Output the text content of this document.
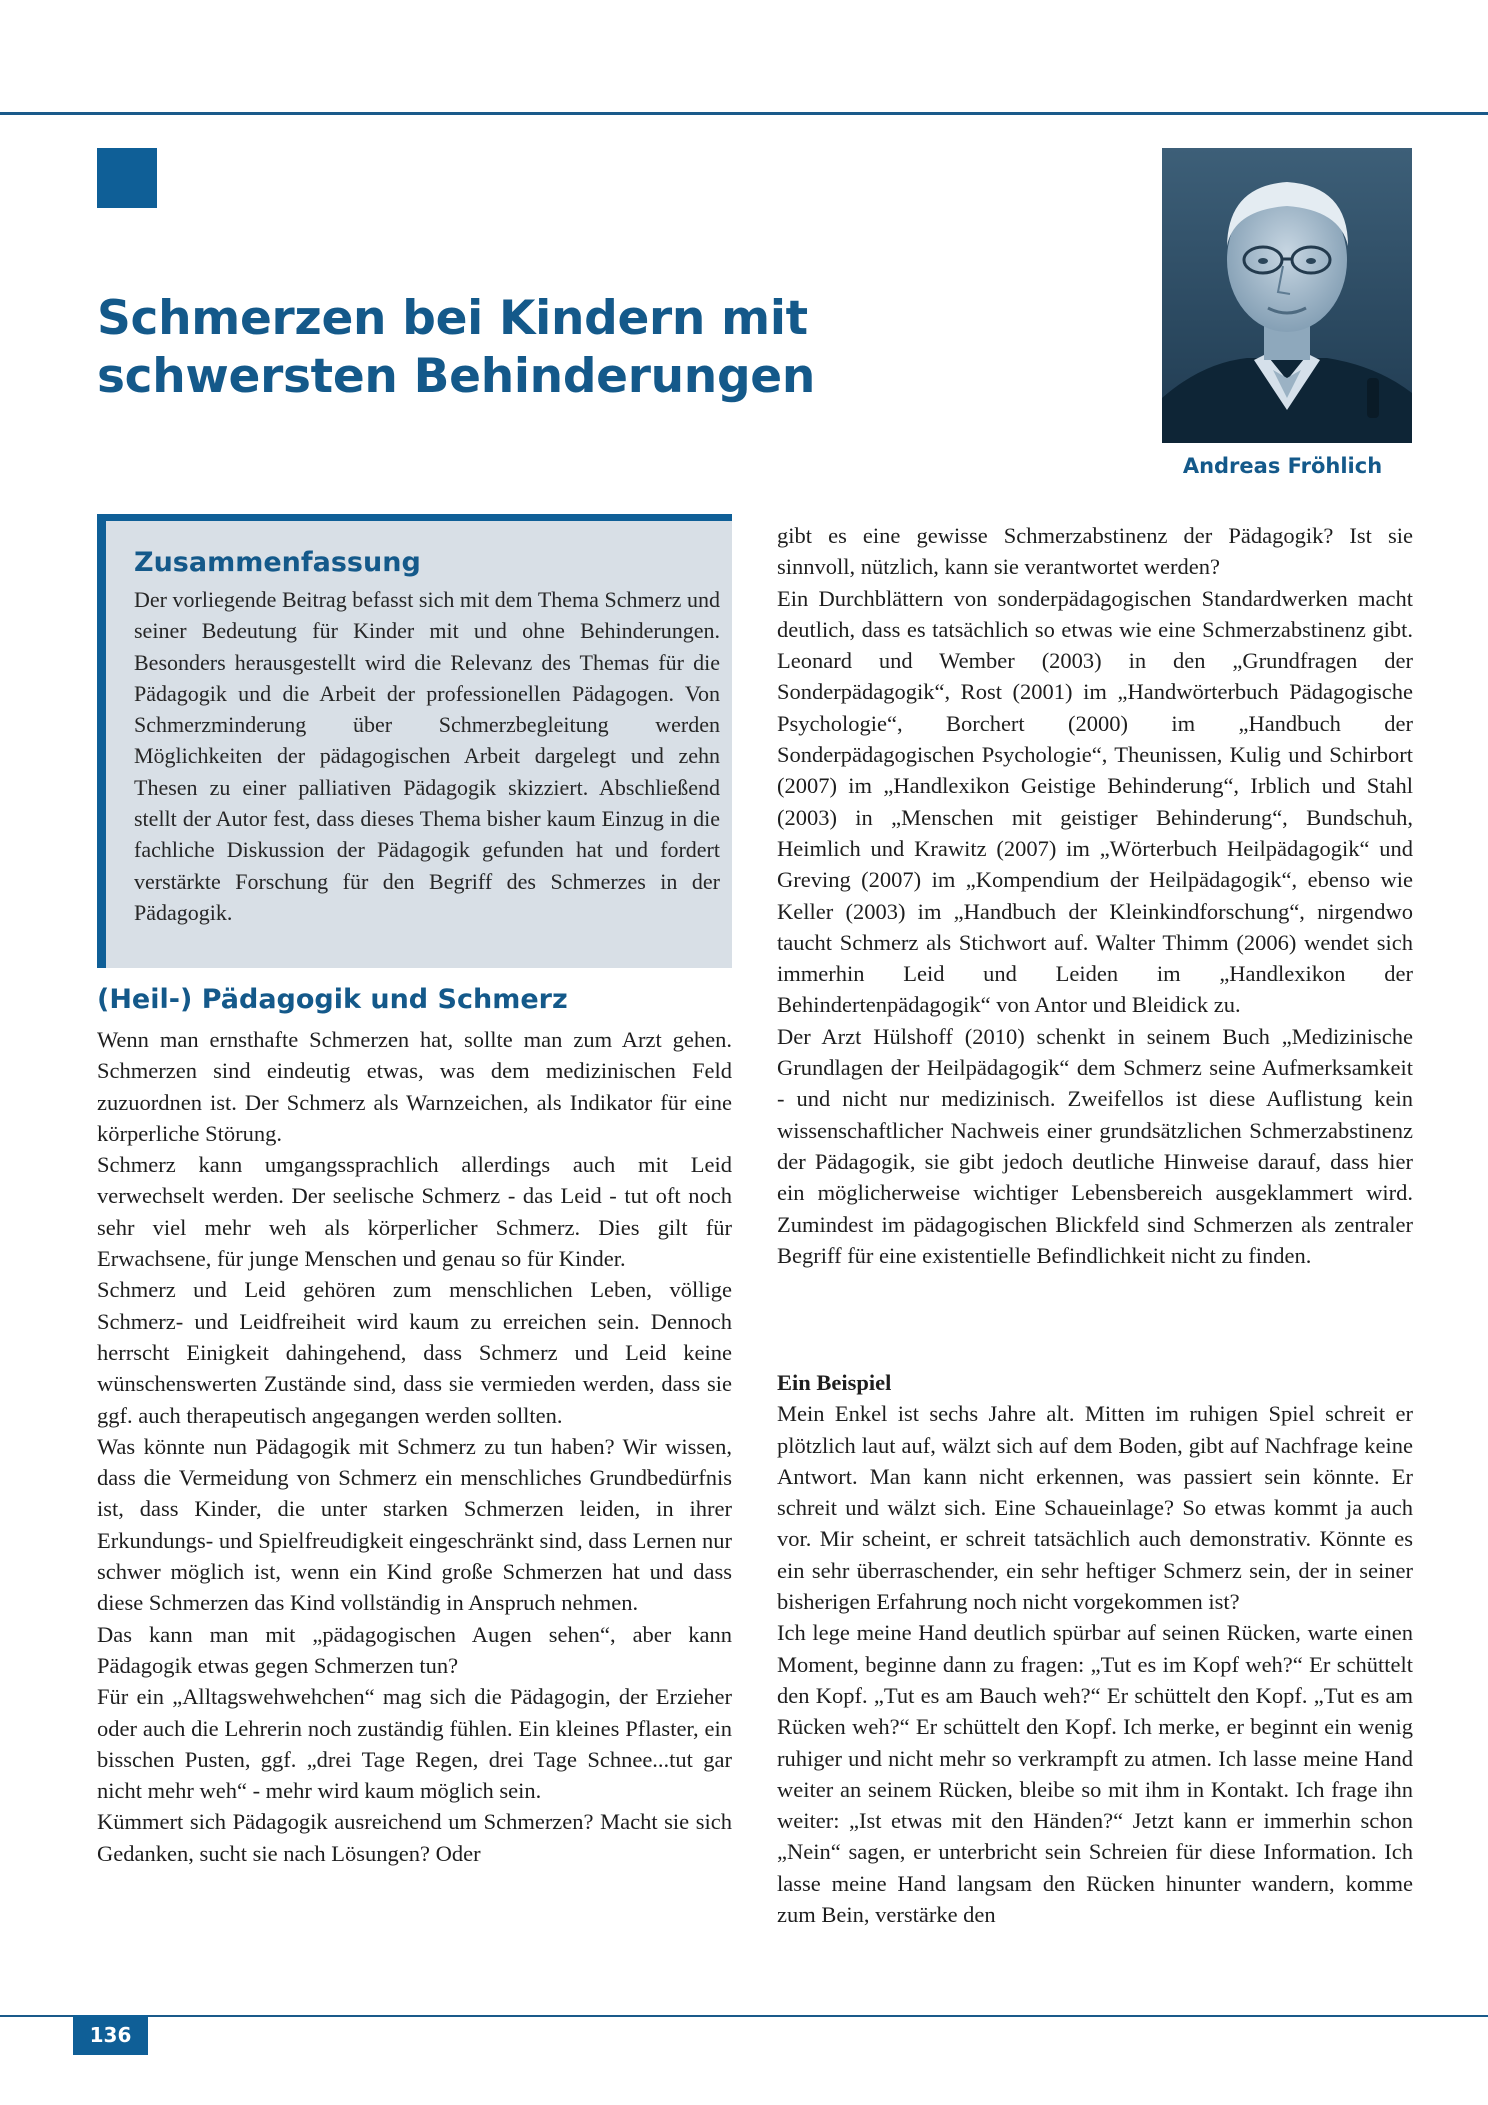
Schmerzen bei Kindern mit
schwersten Behinderungen
Andreas Fröhlich
Zusammenfassung

Der vorliegende Beitrag befasst sich mit dem Thema Schmerz und seiner Bedeutung für Kinder mit und ohne Behinderungen. Besonders herausgestellt wird die Relevanz des Themas für die Pädagogik und die Arbeit der professionellen Pädagogen. Von Schmerzminderung über Schmerzbegleitung werden Möglichkeiten der pädagogischen Arbeit dargelegt und zehn Thesen zu einer palliativen Pädagogik skizziert. Abschließend stellt der Autor fest, dass dieses Thema bisher kaum Einzug in die fachliche Diskussion der Pädagogik gefunden hat und fordert verstärkte Forschung für den Begriff des Schmerzes in der Pädagogik.

(Heil-) Pädagogik und Schmerz

Wenn man ernsthafte Schmerzen hat, sollte man zum Arzt gehen. Schmerzen sind eindeutig etwas, was dem medizinischen Feld zuzuordnen ist. Der Schmerz als Warnzeichen, als Indikator für eine körperliche Störung.

Schmerz kann umgangssprachlich allerdings auch mit Leid verwechselt werden. Der seelische Schmerz - das Leid - tut oft noch sehr viel mehr weh als körperlicher Schmerz. Dies gilt für Erwachsene, für junge Menschen und genau so für Kinder.

Schmerz und Leid gehören zum menschlichen Leben, völlige Schmerz- und Leidfreiheit wird kaum zu erreichen sein. Dennoch herrscht Einigkeit dahingehend, dass Schmerz und Leid keine wünschenswerten Zustände sind, dass sie vermieden werden, dass sie ggf. auch therapeutisch angegangen werden sollten.

Was könnte nun Pädagogik mit Schmerz zu tun haben? Wir wissen, dass die Vermeidung von Schmerz ein menschliches Grundbedürfnis ist, dass Kinder, die unter starken Schmerzen leiden, in ihrer Erkundungs- und Spielfreudigkeit eingeschränkt sind, dass Lernen nur schwer möglich ist, wenn ein Kind große Schmerzen hat und dass diese Schmerzen das Kind vollständig in Anspruch nehmen.

Das kann man mit „pädagogischen Augen sehen“, aber kann Pädagogik etwas gegen Schmerzen tun?

Für ein „Alltagswehwehchen“ mag sich die Pädagogin, der Erzieher oder auch die Lehrerin noch zuständig fühlen. Ein kleines Pflaster, ein bisschen Pusten, ggf. „drei Tage Regen, drei Tage Schnee...tut gar nicht mehr weh“ - mehr wird kaum möglich sein.

Kümmert sich Pädagogik ausreichend um Schmerzen? Macht sie sich Gedanken, sucht sie nach Lösungen? Oder

gibt es eine gewisse Schmerzabstinenz der Pädagogik? Ist sie sinnvoll, nützlich, kann sie verantwortet werden?

Ein Durchblättern von sonderpädagogischen Standardwerken macht deutlich, dass es tatsächlich so etwas wie eine Schmerzabstinenz gibt. Leonard und Wember (2003) in den „Grundfragen der Sonderpädagogik“, Rost (2001) im „Handwörterbuch Pädagogische Psychologie“, Borchert (2000) im „Handbuch der Sonderpädagogischen Psychologie“, Theunissen, Kulig und Schirbort (2007) im „Handlexikon Geistige Behinderung“, Irblich und Stahl (2003) in „Menschen mit geistiger Behinderung“, Bundschuh, Heimlich und Krawitz (2007) im „Wörterbuch Heilpädagogik“ und Greving (2007) im „Kompendium der Heilpädagogik“, ebenso wie Keller (2003) im „Handbuch der Kleinkindforschung“, nirgendwo taucht Schmerz als Stichwort auf. Walter Thimm (2006) wendet sich immerhin Leid und Leiden im „Handlexikon der Behindertenpädagogik“ von Antor und Bleidick zu.

Der Arzt Hülshoff (2010) schenkt in seinem Buch „Medizinische Grundlagen der Heilpädagogik“ dem Schmerz seine Aufmerksamkeit - und nicht nur medizinisch. Zweifellos ist diese Auflistung kein wissenschaftlicher Nachweis einer grundsätzlichen Schmerzabstinenz der Pädagogik, sie gibt jedoch deutliche Hinweise darauf, dass hier ein möglicherweise wichtiger Lebensbereich ausgeklammert wird. Zumindest im pädagogischen Blickfeld sind Schmerzen als zentraler Begriff für eine existentielle Befindlichkeit nicht zu finden.

Ein Beispiel

Mein Enkel ist sechs Jahre alt. Mitten im ruhigen Spiel schreit er plötzlich laut auf, wälzt sich auf dem Boden, gibt auf Nachfrage keine Antwort. Man kann nicht erkennen, was passiert sein könnte. Er schreit und wälzt sich. Eine Schaueinlage? So etwas kommt ja auch vor. Mir scheint, er schreit tatsächlich auch demonstrativ. Könnte es ein sehr überraschender, ein sehr heftiger Schmerz sein, der in seiner bisherigen Erfahrung noch nicht vorgekommen ist?

Ich lege meine Hand deutlich spürbar auf seinen Rücken, warte einen Moment, beginne dann zu fragen: „Tut es im Kopf weh?“ Er schüttelt den Kopf. „Tut es am Bauch weh?“ Er schüttelt den Kopf. „Tut es am Rücken weh?“ Er schüttelt den Kopf. Ich merke, er beginnt ein wenig ruhiger und nicht mehr so verkrampft zu atmen. Ich lasse meine Hand weiter an seinem Rücken, bleibe so mit ihm in Kontakt. Ich frage ihn weiter: „Ist etwas mit den Händen?“ Jetzt kann er immerhin schon „Nein“ sagen, er unterbricht sein Schreien für diese Information. Ich lasse meine Hand langsam den Rücken hinunter wandern, komme zum Bein, verstärke den

136
